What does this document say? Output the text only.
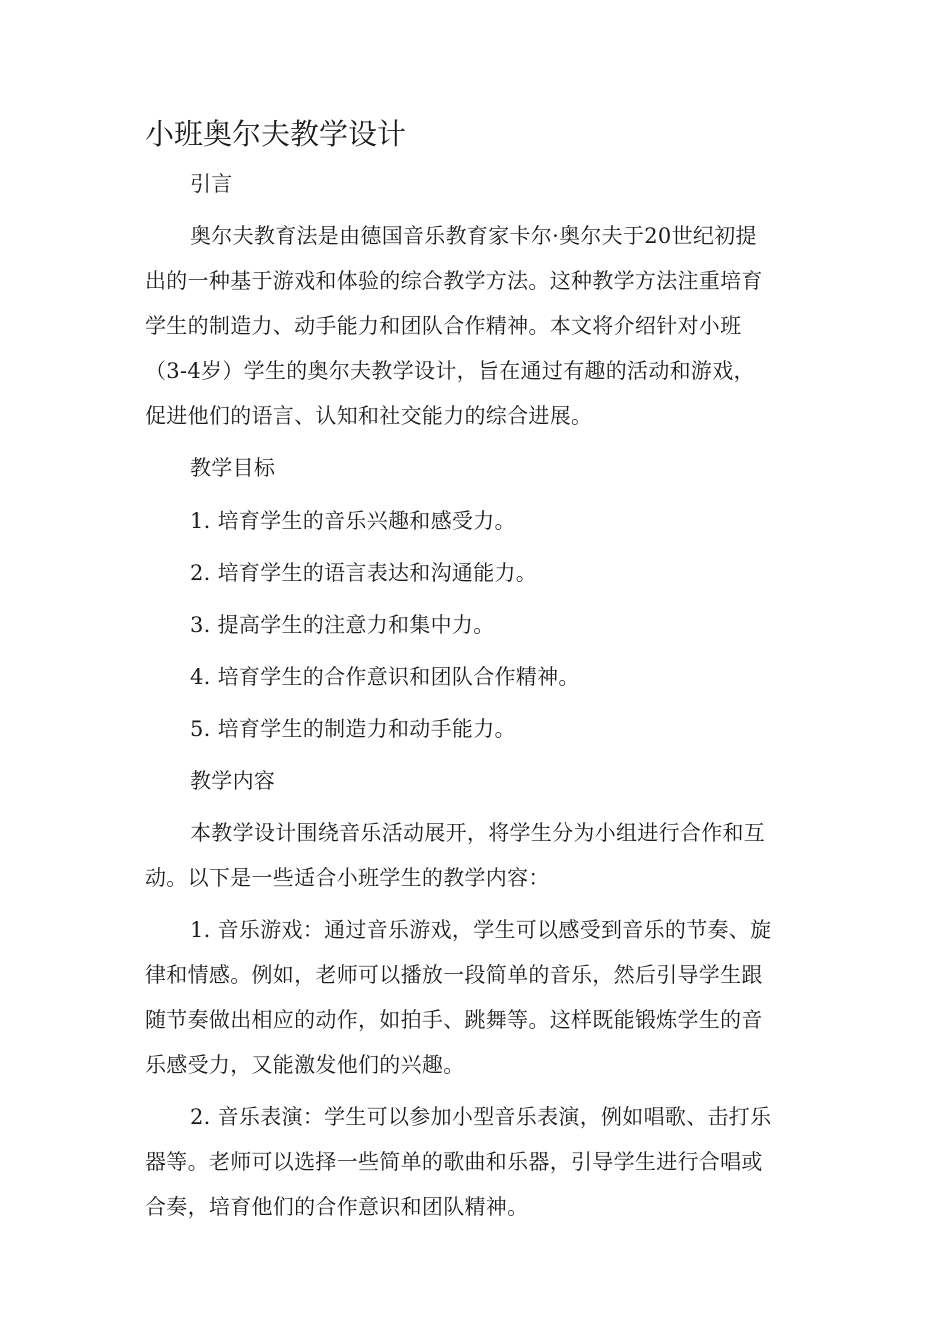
小班奥尔夫教学设计

引言

奥尔夫教育法是由德国音乐教育家卡尔·奥尔夫于20世纪初提

出的一种基于游戏和体验的综合教学方法。这种教学方法注重培育

学生的制造力、动手能力和团队合作精神。本文将介绍针对小班

（3-4岁）学生的奥尔夫教学设计，旨在通过有趣的活动和游戏，

促进他们的语言、认知和社交能力的综合进展。

教学目标

1. 培育学生的音乐兴趣和感受力。

2. 培育学生的语言表达和沟通能力。

3. 提高学生的注意力和集中力。

4. 培育学生的合作意识和团队合作精神。

5. 培育学生的制造力和动手能力。

教学内容

本教学设计围绕音乐活动展开，将学生分为小组进行合作和互

动。以下是一些适合小班学生的教学内容：

1. 音乐游戏：通过音乐游戏，学生可以感受到音乐的节奏、旋

律和情感。例如，老师可以播放一段简单的音乐，然后引导学生跟

随节奏做出相应的动作，如拍手、跳舞等。这样既能锻炼学生的音

乐感受力，又能激发他们的兴趣。

2. 音乐表演：学生可以参加小型音乐表演，例如唱歌、击打乐

器等。老师可以选择一些简单的歌曲和乐器，引导学生进行合唱或

合奏，培育他们的合作意识和团队精神。
